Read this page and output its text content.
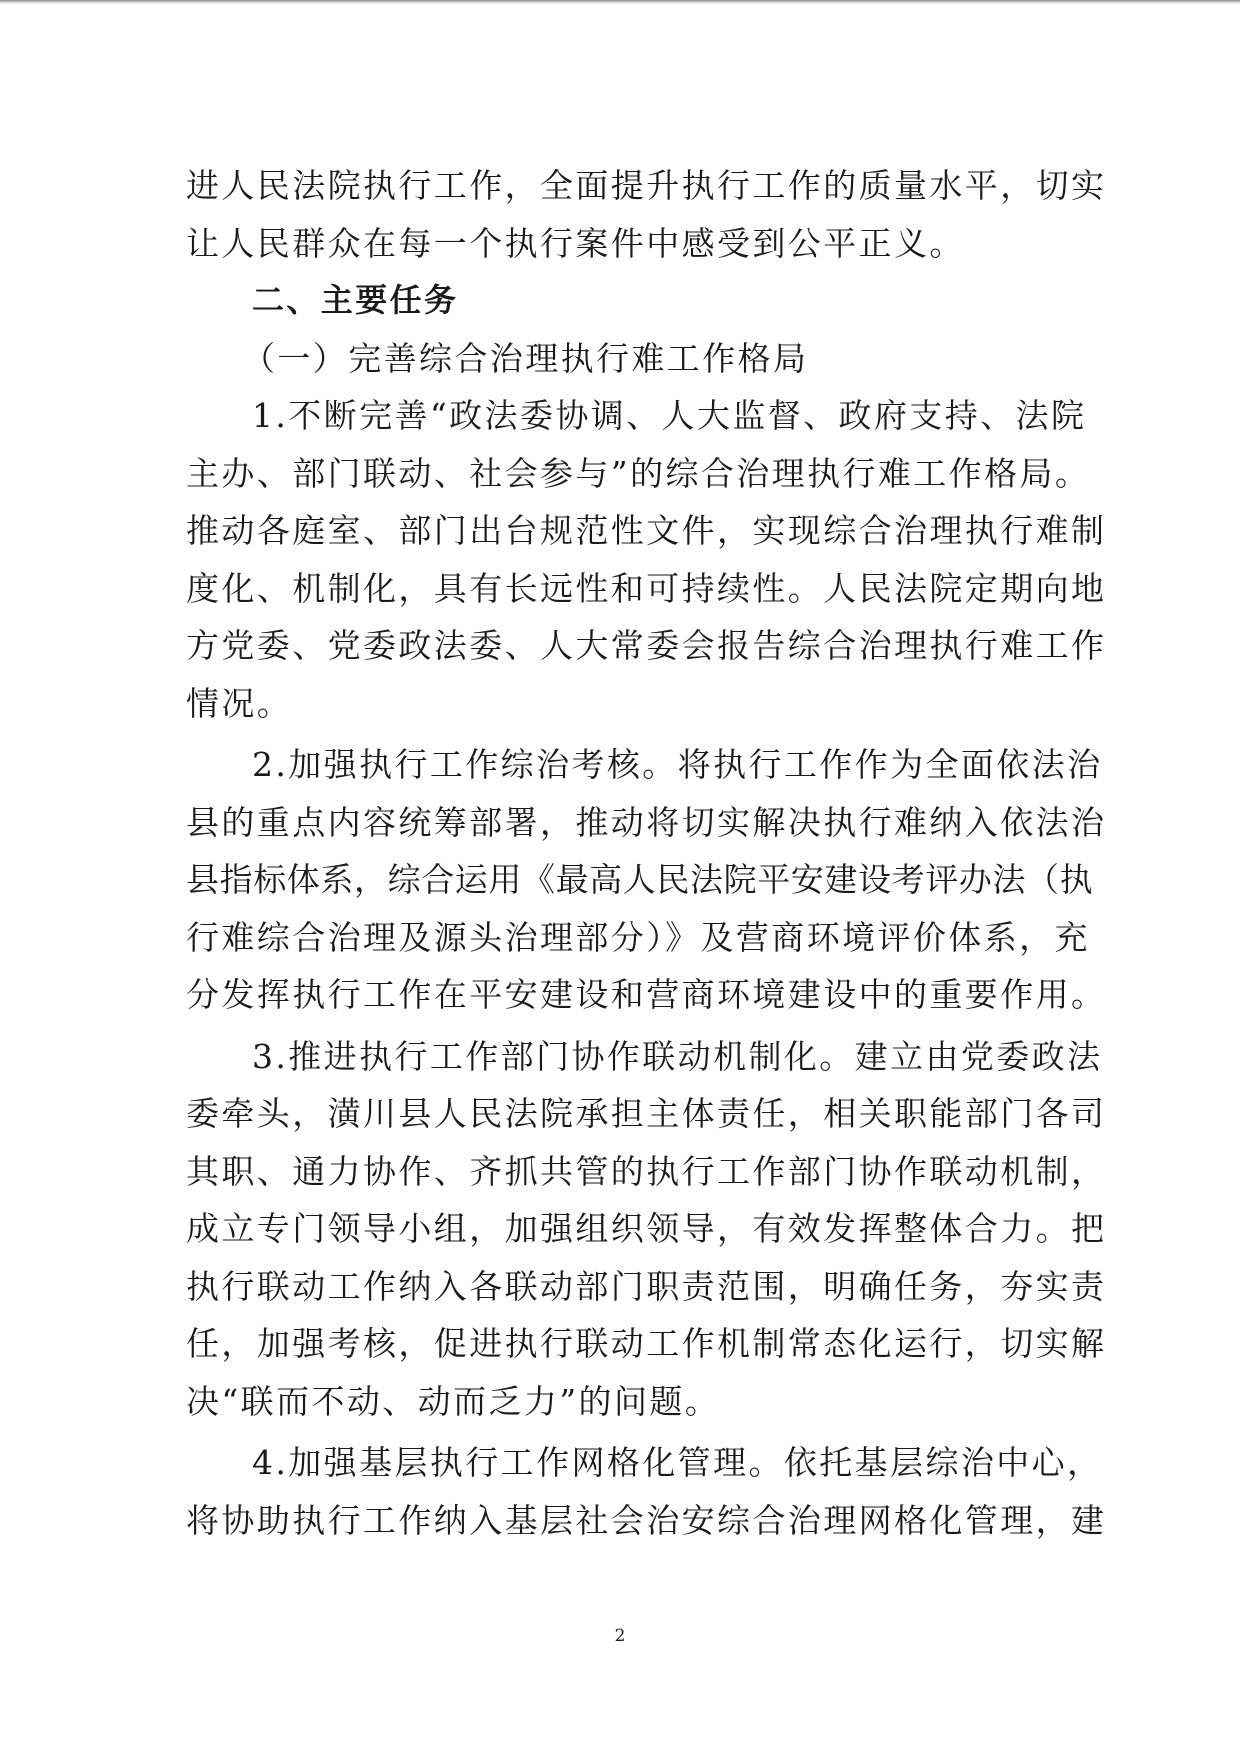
进人民法院执行工作，全面提升执行工作的质量水平，切实
让人民群众在每一个执行案件中感受到公平正义。
二、主要任务
（一）完善综合治理执行难工作格局
1.不断完善“政法委协调、人大监督、政府支持、法院
主办、部门联动、社会参与”的综合治理执行难工作格局。
推动各庭室、部门出台规范性文件，实现综合治理执行难制
度化、机制化，具有长远性和可持续性。人民法院定期向地
方党委、党委政法委、人大常委会报告综合治理执行难工作
情况。
2.加强执行工作综治考核。将执行工作作为全面依法治
县的重点内容统筹部署，推动将切实解决执行难纳入依法治
县指标体系，综合运用《最高人民法院平安建设考评办法（执
行难综合治理及源头治理部分）》及营商环境评价体系，充
分发挥执行工作在平安建设和营商环境建设中的重要作用。
3.推进执行工作部门协作联动机制化。建立由党委政法
委牵头，潢川县人民法院承担主体责任，相关职能部门各司
其职、通力协作、齐抓共管的执行工作部门协作联动机制，
成立专门领导小组，加强组织领导，有效发挥整体合力。把
执行联动工作纳入各联动部门职责范围，明确任务，夯实责
任，加强考核，促进执行联动工作机制常态化运行，切实解
决“联而不动、动而乏力”的问题。
4.加强基层执行工作网格化管理。依托基层综治中心，
将协助执行工作纳入基层社会治安综合治理网格化管理，建
2
